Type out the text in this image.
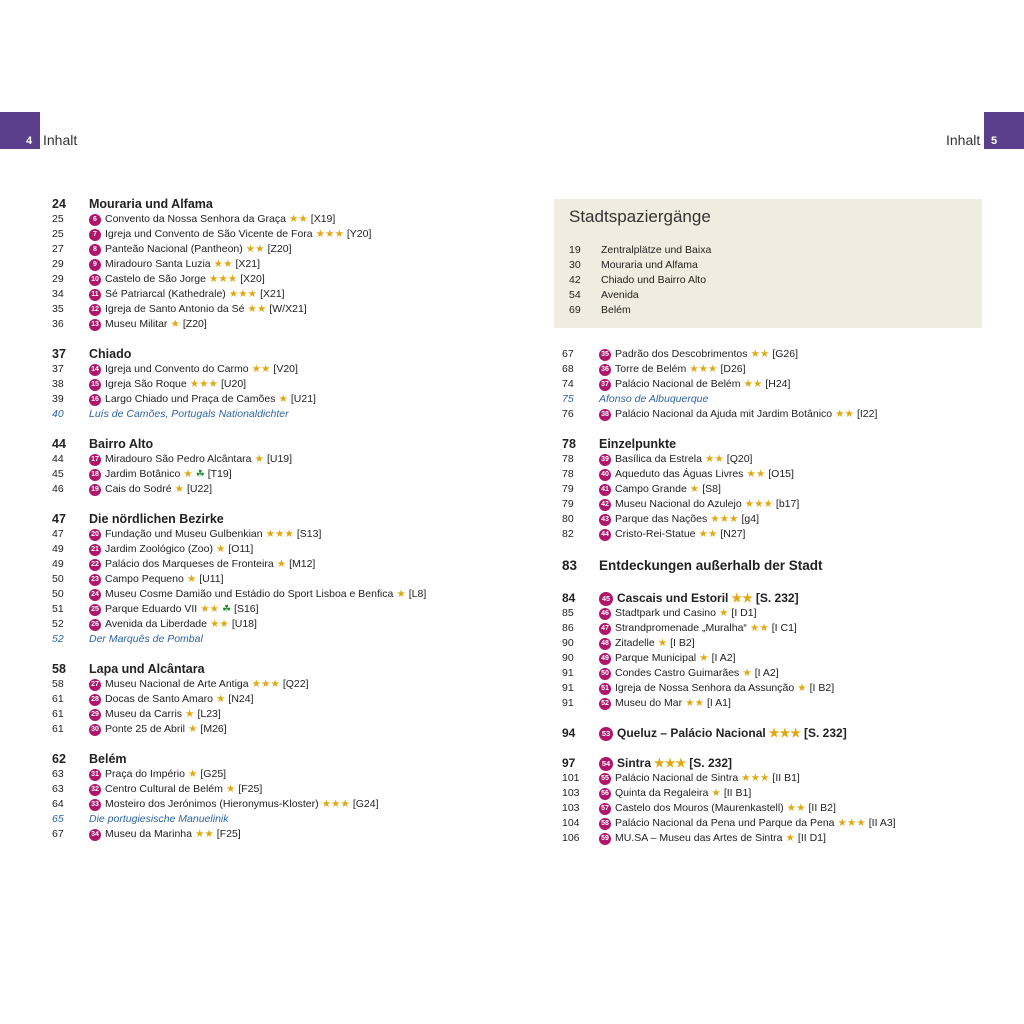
4 Inhalt	5
Inhalt
24	Mouraria und Alfama
25	6 Convento da Nossa Senhora da Graça ★★ [X19]
25	7 Igreja und Convento de São Vicente de Fora ★★★ [Y20]
27	8 Panteão Nacional (Pantheon) ★★ [Z20]
29	9 Miradouro Santa Luzia ★★ [X21]
29	10 Castelo de São Jorge ★★★ [X20]
34	11 Sé Patriarcal (Kathedrale) ★★★ [X21]
35	12 Igreja de Santo Antonio da Sé ★★ [W/X21]
36	13 Museu Militar ★ [Z20]
37	Chiado
37	14 Igreja und Convento do Carmo ★★ [V20]
38	15 Igreja São Roque ★★★ [U20]
39	16 Largo Chiado und Praça de Camões ★ [U21]
40	Luís de Camões, Portugals Nationaldichter
44	Bairro Alto
44	17 Miradouro São Pedro Alcântara ★ [U19]
45	18 Jardim Botânico ★ ☘ [T19]
46	19 Cais do Sodré ★ [U22]
47	Die nördlichen Bezirke
47	20 Fundação und Museu Gulbenkian ★★★ [S13]
49	21 Jardim Zoológico (Zoo) ★ [O11]
49	22 Palácio dos Marqueses de Fronteira ★ [M12]
50	23 Campo Pequeno ★ [U11]
50	24 Museu Cosme Damião und Estádio do Sport Lisboa e Benfica ★ [L8]
51	25 Parque Eduardo VII ★★ ☘ [S16]
52	26 Avenida da Liberdade ★★ [U18]
52	Der Marquês de Pombal
58	Lapa und Alcântara
58	27 Museu Nacional de Arte Antiga ★★★ [Q22]
61	28 Docas de Santo Amaro ★ [N24]
61	29 Museu da Carris ★ [L23]
61	30 Ponte 25 de Abril ★ [M26]
62	Belém
63	31 Praça do Império ★ [G25]
63	32 Centro Cultural de Belém ★ [F25]
64	33 Mosteiro dos Jerónimos (Hieronymus-Kloster) ★★★ [G24]
65	Die portugiesische Manuelinik
67	34 Museu da Marinha ★★ [F25]
Stadtspaziergänge
19	Zentralplätze und Baixa
30	Mouraria und Alfama
42	Chiado und Bairro Alto
54	Avenida
69	Belém
67	35 Padrão dos Descobrimentos ★★ [G26]
68	36 Torre de Belém ★★★ [D26]
74	37 Palácio Nacional de Belém ★★ [H24]
75	Afonso de Albuquerque
76	38 Palácio Nacional da Ajuda mit Jardim Botânico ★★ [I22]
78	Einzelpunkte
78	39 Basílica da Estrela ★★ [Q20]
78	40 Aqueduto das Águas Livres ★★ [O15]
79	41 Campo Grande ★ [S8]
79	42 Museu Nacional do Azulejo ★★★ [b17]
80	43 Parque das Nações ★★★ [g4]
82	44 Cristo-Rei-Statue ★★ [N27]
83	Entdeckungen außerhalb der Stadt
84	45 Cascais und Estoril ★★ [S. 232]
85	46 Stadtpark und Casino ★ [I D1]
86	47 Strandpromenade „Muralha“ ★★ [I C1]
90	48 Zitadelle ★ [I B2]
90	49 Parque Municipal ★ [I A2]
91	50 Condes Castro Guimarães ★ [I A2]
91	51 Igreja de Nossa Senhora da Assunção ★ [I B2]
91	52 Museu do Mar ★★ [I A1]
94	53 Queluz – Palácio Nacional ★★★ [S. 232]
97	54 Sintra ★★★ [S. 232]
101	55 Palácio Nacional de Sintra ★★★ [II B1]
103	56 Quinta da Regaleira ★ [II B1]
103	57 Castelo dos Mouros (Maurenkastell) ★★ [II B2]
104	58 Palácio Nacional da Pena und Parque da Pena ★★★ [II A3]
106	59 MU.SA – Museu das Artes de Sintra ★ [II D1]
